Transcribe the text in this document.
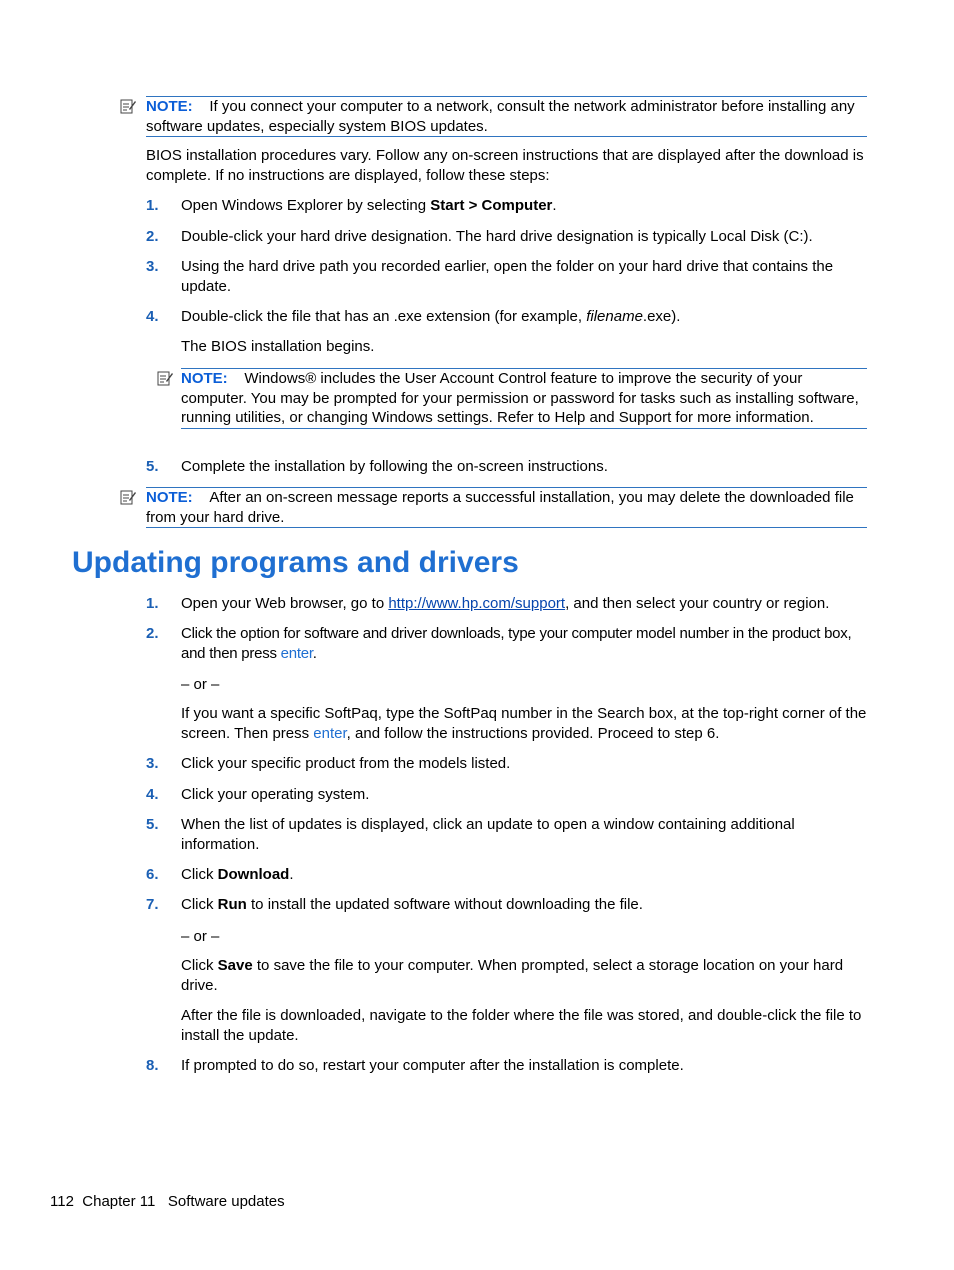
NOTE: If you connect your computer to a network, consult the network administrator before installing any software updates, especially system BIOS updates.
BIOS installation procedures vary. Follow any on-screen instructions that are displayed after the download is complete. If no instructions are displayed, follow these steps:
1. Open Windows Explorer by selecting Start > Computer.
2. Double-click your hard drive designation. The hard drive designation is typically Local Disk (C:).
3. Using the hard drive path you recorded earlier, open the folder on your hard drive that contains the update.
4. Double-click the file that has an .exe extension (for example, filename.exe).
The BIOS installation begins.
NOTE: Windows® includes the User Account Control feature to improve the security of your computer. You may be prompted for your permission or password for tasks such as installing software, running utilities, or changing Windows settings. Refer to Help and Support for more information.
5. Complete the installation by following the on-screen instructions.
NOTE: After an on-screen message reports a successful installation, you may delete the downloaded file from your hard drive.
Updating programs and drivers
1. Open your Web browser, go to http://www.hp.com/support, and then select your country or region.
2. Click the option for software and driver downloads, type your computer model number in the product box, and then press enter.
– or –
If you want a specific SoftPaq, type the SoftPaq number in the Search box, at the top-right corner of the screen. Then press enter, and follow the instructions provided. Proceed to step 6.
3. Click your specific product from the models listed.
4. Click your operating system.
5. When the list of updates is displayed, click an update to open a window containing additional information.
6. Click Download.
7. Click Run to install the updated software without downloading the file.
– or –
Click Save to save the file to your computer. When prompted, select a storage location on your hard drive.
After the file is downloaded, navigate to the folder where the file was stored, and double-click the file to install the update.
8. If prompted to do so, restart your computer after the installation is complete.
112 Chapter 11 Software updates
